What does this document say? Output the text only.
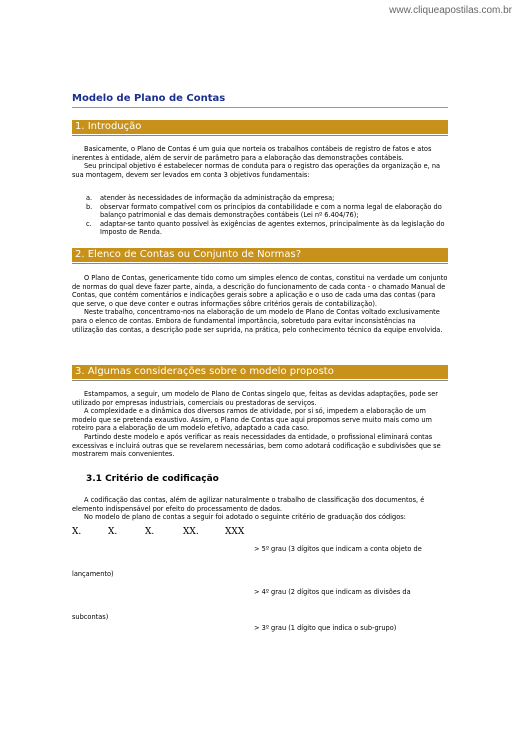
www.cliqueapostilas.com.br
Modelo de Plano de Contas
1. Introdução

Basicamente, o Plano de Contas é um guia que norteia os trabalhos contábeis de registro de fatos e atos inerentes à entidade, além de servir de parâmetro para a elaboração das demonstrações contábeis.

Seu principal objetivo é estabelecer normas de conduta para o registro das operações da organização e, na sua montagem, devem ser levados em conta 3 objetivos fundamentais:

a.	atender às necessidades de informação da administração da empresa;
b.	observar formato compatível com os princípios da contabilidade e com a norma legal de elaboração do balanço patrimonial e das demais demonstrações contábeis (Lei nº 6.404/76);
c.	adaptar-se tanto quanto possível às exigências de agentes externos, principalmente às da legislação do Imposto de Renda.
2. Elenco de Contas ou Conjunto de Normas?

O Plano de Contas, genericamente tido como um simples elenco de contas, constitui na verdade um conjunto de normas do qual deve fazer parte, ainda, a descrição do funcionamento de cada conta - o chamado Manual de Contas, que contém comentários e indicações gerais sobre a aplicação e o uso de cada uma das contas (para que serve, o que deve conter e outras informações sôbre critérios gerais de contabilização).

Neste trabalho, concentramo-nos na elaboração de um modelo de Plano de Contas voltado exclusivamente para o elenco de contas. Embora de fundamental importância, sobretudo para evitar inconsistências na utilização das contas, a descrição pode ser suprida, na prática, pelo conhecimento técnico da equipe envolvida.

3. Algumas considerações sobre o modelo proposto

Estampamos, a seguir, um modelo de Plano de Contas singelo que, feitas as devidas adaptações, pode ser utilizado por empresas industriais, comerciais ou prestadoras de serviços.

A complexidade e a dinâmica dos diversos ramos de atividade, por si só, impedem a elaboração de um modelo que se pretenda exaustivo. Assim, o Plano de Contas que aqui propomos serve muito mais como um roteiro para a elaboração de um modelo efetivo, adaptado a cada caso.

Partindo deste modelo e após verificar as reais necessidades da entidade, o profissional eliminará contas excessivas e incluirá outras que se revelarem necessárias, bem como adotará codificação e subdivisões que se mostrarem mais convenientes.

3.1 Critério de codificação

A codificação das contas, além de agilizar naturalmente o trabalho de classificação dos documentos, é elemento indispensável por efeito do processamento de dados.

No modelo de plano de contas a seguir foi adotado o seguinte critério de graduação dos códigos:

X.	X.	X.	XX.	XXX
> 5º grau (3 dígitos que indicam a conta objeto de
lançamento)
> 4º grau (2 dígitos que indicam as divisões da
subcontas)
> 3º grau (1 dígito que indica o sub-grupo)
